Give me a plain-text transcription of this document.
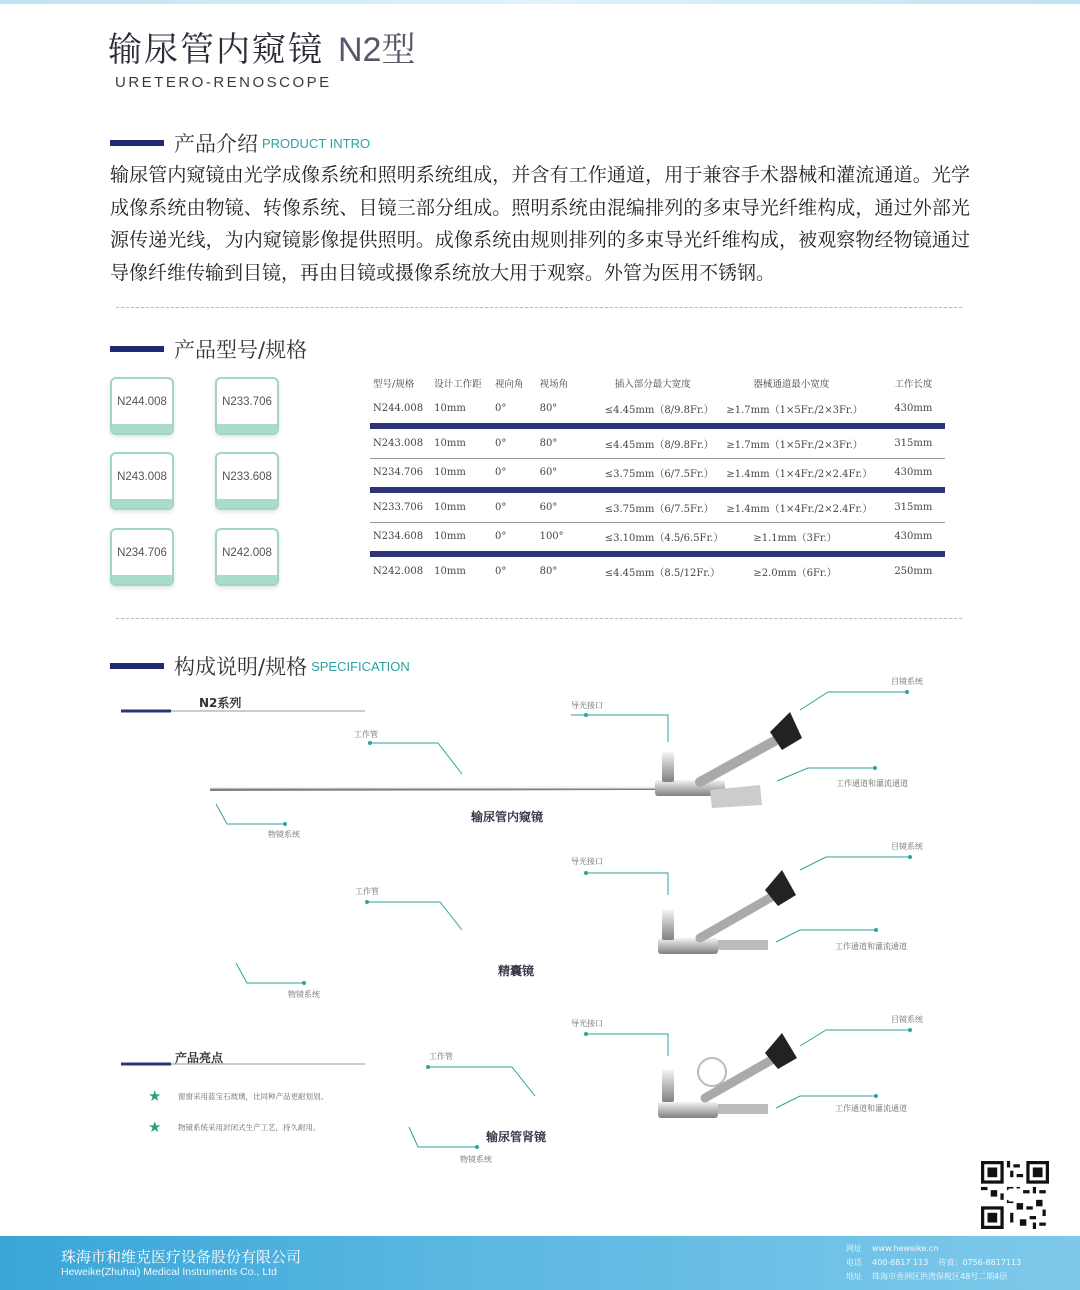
输尿管内窥镜 N2型
URETERO-RENOSCOPE
产品介绍 PRODUCT INTRO
输尿管内窥镜由光学成像系统和照明系统组成，并含有工作通道，用于兼容手术器械和灌流通道。光学成像系统由物镜、转像系统、目镜三部分组成。照明系统由混编排列的多束导光纤维构成，通过外部光源传递光线，为内窥镜影像提供照明。成像系统由规则排列的多束导光纤维构成，被观察物经物镜通过导像纤维传输到目镜，再由目镜或摄像系统放大用于观察。外管为医用不锈钢。
产品型号/规格
N244.008	N233.706
N243.008	N233.608
N234.706	N242.008
型号/规格	设计工作距	视向角	视场角	插入部分最大宽度	器械通道最小宽度	工作长度
N244.008	10mm	0°	80°	≤4.45mm（8/9.8Fr.）	≥1.7mm（1×5Fr./2×3Fr.）	430mm
N243.008	10mm	0°	80°	≤4.45mm（8/9.8Fr.）	≥1.7mm（1×5Fr./2×3Fr.）	315mm
N234.706	10mm	0°	60°	≤3.75mm（6/7.5Fr.）	≥1.4mm（1×4Fr./2×2.4Fr.）	430mm
N233.706	10mm	0°	60°	≤3.75mm（6/7.5Fr.）	≥1.4mm（1×4Fr./2×2.4Fr.）	315mm
N234.608	10mm	0°	100°	≤3.10mm（4.5/6.5Fr.）	≥1.1mm（3Fr.）	430mm
N242.008	10mm	0°	80°	≤4.45mm（8.5/12Fr.）	≥2.0mm（6Fr.）	250mm
构成说明/规格 SPECIFICATION
N2系列
工作管
导光接口
目镜系统
工作通道和灌流通道
物镜系统
输尿管内窥镜
工作管
导光接口
目镜系统
工作通道和灌流通道
物镜系统
精囊镜
工作管
导光接口	目镜系统
工作通道和灌流通道
物镜系统
输尿管肾镜
产品亮点
★	窗窗采用蓝宝石玻璃，比同种产品更耐划划。
★	物镜系统采用封闭式生产工艺，持久耐用。
珠海市和维克医疗设备股份有限公司
Heweike(Zhuhai) Medical Instruments Co., Ltd
网址 www.heweike.cn
电话 400-8817 113 传真：0756-8817113
地址 珠海市香洲区洪湾保税区48号二期4层
